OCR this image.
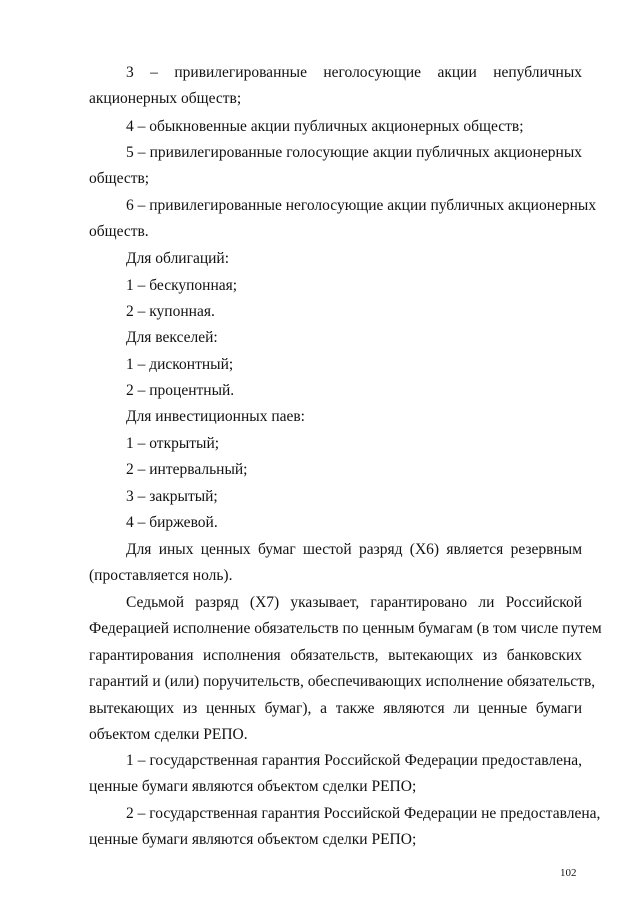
3 – привилегированные неголосующие акции непубличных
акционерных обществ;
4 – обыкновенные акции публичных акционерных обществ;
5 – привилегированные голосующие акции публичных акционерных
обществ;
6 – привилегированные неголосующие акции публичных акционерных
обществ.
Для облигаций:
1 – бескупонная;
2 – купонная.
Для векселей:
1 – дисконтный;
2 – процентный.
Для инвестиционных паев:
1 – открытый;
2 – интервальный;
3 – закрытый;
4 – биржевой.
Для иных ценных бумаг шестой разряд (X6) является резервным
(проставляется ноль).
Седьмой разряд (X7) указывает, гарантировано ли Российской
Федерацией исполнение обязательств по ценным бумагам (в том числе путем
гарантирования исполнения обязательств, вытекающих из банковских
гарантий и (или) поручительств, обеспечивающих исполнение обязательств,
вытекающих из ценных бумаг), а также являются ли ценные бумаги
объектом сделки РЕПО.
1 – государственная гарантия Российской Федерации предоставлена,
ценные бумаги являются объектом сделки РЕПО;
2 – государственная гарантия Российской Федерации не предоставлена,
ценные бумаги являются объектом сделки РЕПО;
102
